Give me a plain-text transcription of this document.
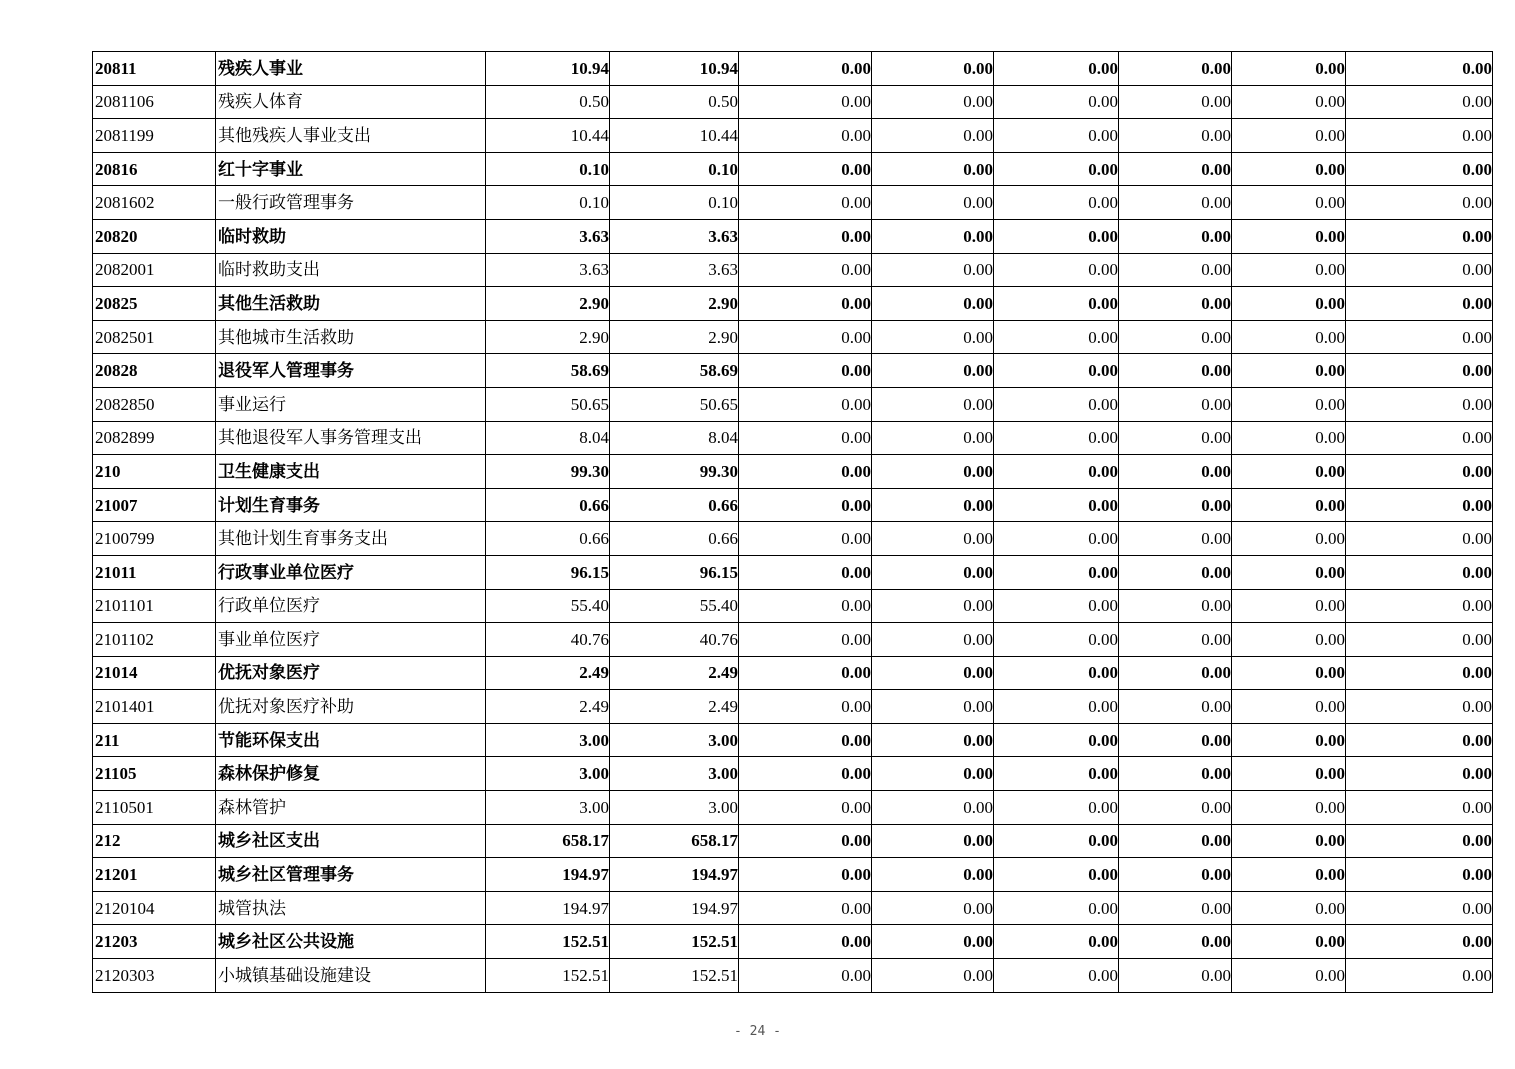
20811	残疾人事业	10.94	10.94	0.00	0.00	0.00	0.00	0.00	0.00
2081106	残疾人体育	0.50	0.50	0.00	0.00	0.00	0.00	0.00	0.00
2081199	其他残疾人事业支出	10.44	10.44	0.00	0.00	0.00	0.00	0.00	0.00
20816	红十字事业	0.10	0.10	0.00	0.00	0.00	0.00	0.00	0.00
2081602	一般行政管理事务	0.10	0.10	0.00	0.00	0.00	0.00	0.00	0.00
20820	临时救助	3.63	3.63	0.00	0.00	0.00	0.00	0.00	0.00
2082001	临时救助支出	3.63	3.63	0.00	0.00	0.00	0.00	0.00	0.00
20825	其他生活救助	2.90	2.90	0.00	0.00	0.00	0.00	0.00	0.00
2082501	其他城市生活救助	2.90	2.90	0.00	0.00	0.00	0.00	0.00	0.00
20828	退役军人管理事务	58.69	58.69	0.00	0.00	0.00	0.00	0.00	0.00
2082850	事业运行	50.65	50.65	0.00	0.00	0.00	0.00	0.00	0.00
2082899	其他退役军人事务管理支出	8.04	8.04	0.00	0.00	0.00	0.00	0.00	0.00
210	卫生健康支出	99.30	99.30	0.00	0.00	0.00	0.00	0.00	0.00
21007	计划生育事务	0.66	0.66	0.00	0.00	0.00	0.00	0.00	0.00
2100799	其他计划生育事务支出	0.66	0.66	0.00	0.00	0.00	0.00	0.00	0.00
21011	行政事业单位医疗	96.15	96.15	0.00	0.00	0.00	0.00	0.00	0.00
2101101	行政单位医疗	55.40	55.40	0.00	0.00	0.00	0.00	0.00	0.00
2101102	事业单位医疗	40.76	40.76	0.00	0.00	0.00	0.00	0.00	0.00
21014	优抚对象医疗	2.49	2.49	0.00	0.00	0.00	0.00	0.00	0.00
2101401	优抚对象医疗补助	2.49	2.49	0.00	0.00	0.00	0.00	0.00	0.00
211	节能环保支出	3.00	3.00	0.00	0.00	0.00	0.00	0.00	0.00
21105	森林保护修复	3.00	3.00	0.00	0.00	0.00	0.00	0.00	0.00
2110501	森林管护	3.00	3.00	0.00	0.00	0.00	0.00	0.00	0.00
212	城乡社区支出	658.17	658.17	0.00	0.00	0.00	0.00	0.00	0.00
21201	城乡社区管理事务	194.97	194.97	0.00	0.00	0.00	0.00	0.00	0.00
2120104	城管执法	194.97	194.97	0.00	0.00	0.00	0.00	0.00	0.00
21203	城乡社区公共设施	152.51	152.51	0.00	0.00	0.00	0.00	0.00	0.00
2120303	小城镇基础设施建设	152.51	152.51	0.00	0.00	0.00	0.00	0.00	0.00
- 24 -
